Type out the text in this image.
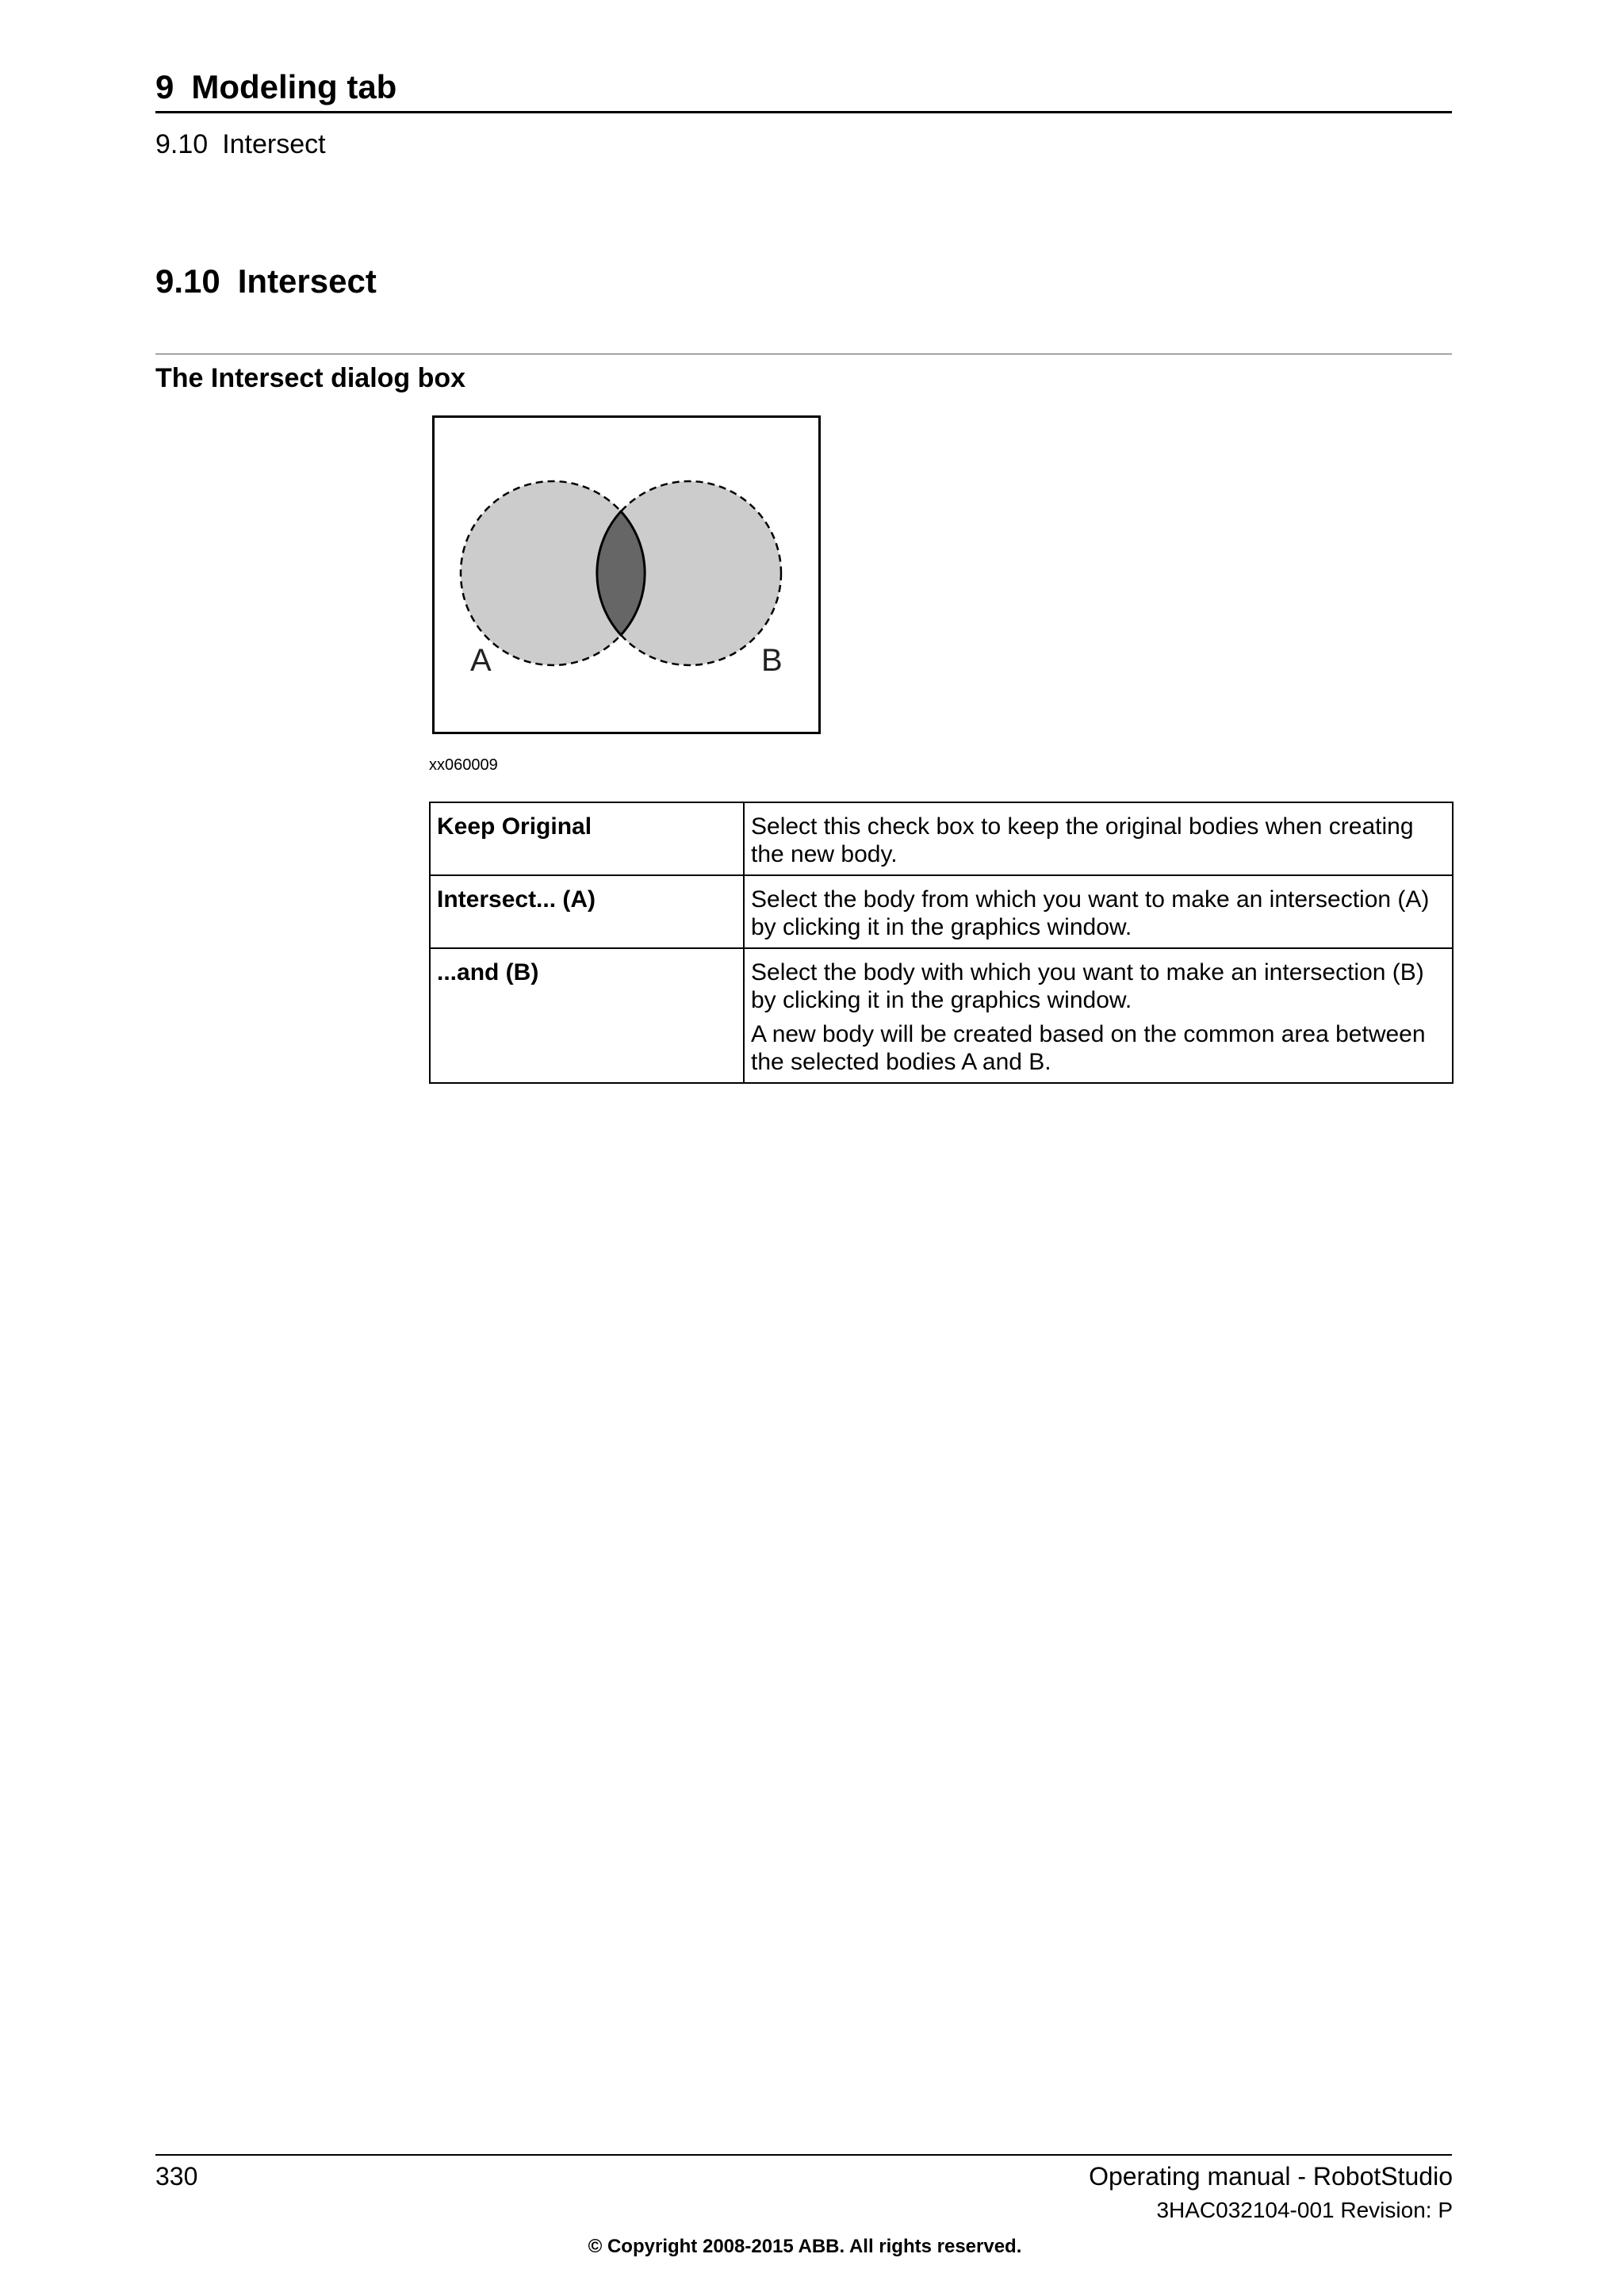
9 Modeling tab
9.10 Intersect
9.10 Intersect
The Intersect dialog box
A	B
xx060009
Keep Original	Select this check box to keep the original bodies when creating the new body.

Intersect... (A)	Select the body from which you want to make an intersection (A) by clicking it in the graphics window.

...and (B)	Select the body with which you want to make an intersection (B) by clicking it in the graphics window.

A new body will be created based on the common area between the selected bodies A and B.

330	Operating manual - RobotStudio
3HAC032104-001 Revision: P
© Copyright 2008-2015 ABB. All rights reserved.
